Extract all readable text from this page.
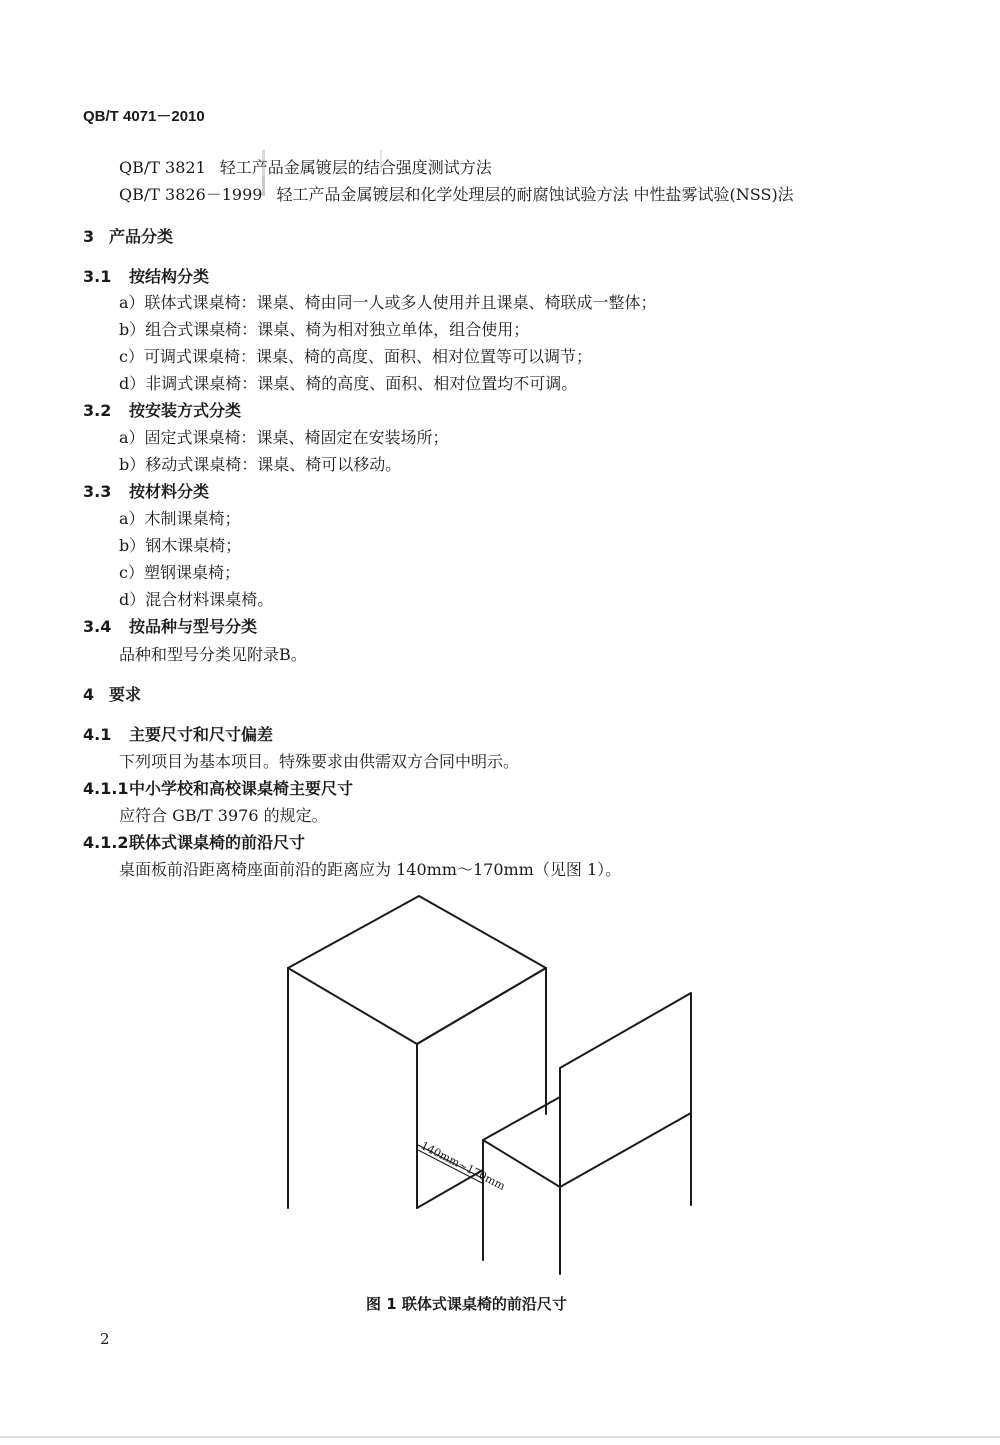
QB/T 4071－2010
QB/T 3821 轻工产品金属镀层的结合强度测试方法
QB/T 3826－1999 轻工产品金属镀层和化学处理层的耐腐蚀试验方法 中性盐雾试验(NSS)法
3 产品分类
3.1 按结构分类
a）联体式课桌椅：课桌、椅由同一人或多人使用并且课桌、椅联成一整体；
b）组合式课桌椅：课桌、椅为相对独立单体，组合使用；
c）可调式课桌椅：课桌、椅的高度、面积、相对位置等可以调节；
d）非调式课桌椅：课桌、椅的高度、面积、相对位置均不可调。
3.2 按安装方式分类
a）固定式课桌椅：课桌、椅固定在安装场所；
b）移动式课桌椅：课桌、椅可以移动。
3.3 按材料分类
a）木制课桌椅；
b）钢木课桌椅；
c）塑钢课桌椅；
d）混合材料课桌椅。
3.4 按品种与型号分类
品种和型号分类见附录B。
4 要求
4.1 主要尺寸和尺寸偏差
下列项目为基本项目。特殊要求由供需双方合同中明示。
4.1.1中小学校和高校课桌椅主要尺寸
应符合 GB/T 3976 的规定。
4.1.2联体式课桌椅的前沿尺寸
桌面板前沿距离椅座面前沿的距离应为 140mm～170mm（见图 1）。
140mm~170mm
图 1 联体式课桌椅的前沿尺寸
2
